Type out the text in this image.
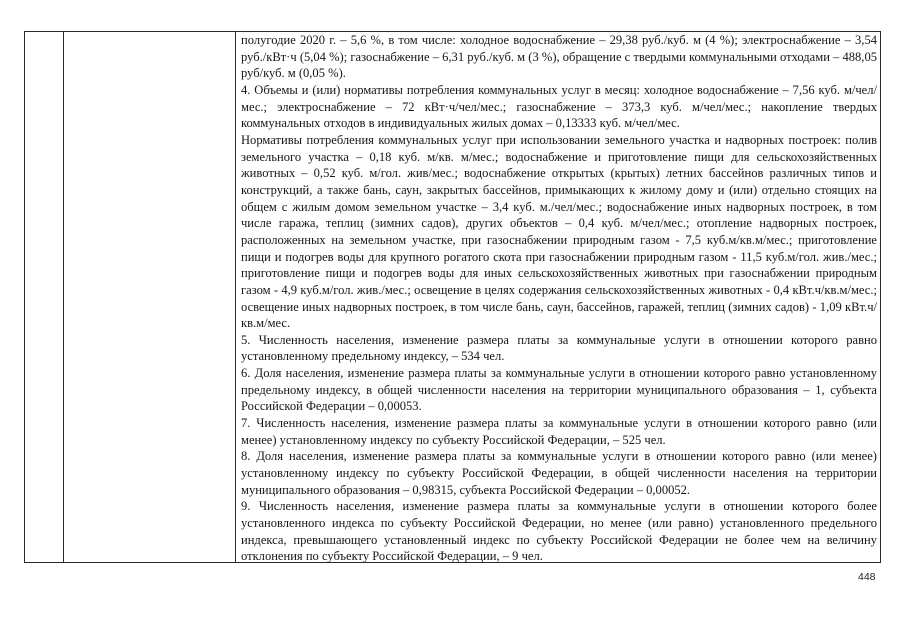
полугодие 2020 г. – 5,6 %, в том числе: холодное водоснабжение – 29,38 руб./куб. м (4 %); электроснабжение – 3,54 руб./кВт·ч (5,04 %); газоснабжение – 6,31 руб./куб. м (3 %), обращение с твердыми коммунальными отходами – 488,05 руб/куб. м (0,05 %).

4. Объемы и (или) нормативы потребления коммунальных услуг в месяц: холодное водоснабжение – 7,56 куб. м/чел/мес.; электроснабжение – 72 кВт·ч/чел/мес.; газоснабжение – 373,3 куб. м/чел/мес.; накопление твердых коммунальных отходов в индивидуальных жилых домах – 0,13333 куб. м/чел/мес.

Нормативы потребления коммунальных услуг при использовании земельного участка и надворных построек: полив земельного участка – 0,18 куб. м/кв. м/мес.; водоснабжение и приготовление пищи для сельскохозяйственных животных – 0,52 куб. м/гол. жив/мес.; водоснабжение открытых (крытых) летних бассейнов различных типов и конструкций, а также бань, саун, закрытых бассейнов, примыкающих к жилому дому и (или) отдельно стоящих на общем с жилым домом земельном участке – 3,4 куб. м./чел/мес.; водоснабжение иных надворных построек, в том числе гаража, теплиц (зимних садов), других объектов – 0,4 куб. м/чел/мес.; отопление надворных построек, расположенных на земельном участке, при газоснабжении природным газом - 7,5 куб.м/кв.м/мес.; приготовление пищи и подогрев воды для крупного рогатого скота при газоснабжении природным газом - 11,5 куб.м/гол. жив./мес.; приготовление пищи и подогрев воды для иных сельскохозяйственных животных при газоснабжении природным газом - 4,9 куб.м/гол. жив./мес.; освещение в целях содержания сельскохозяйственных животных - 0,4 кВт.ч/кв.м/мес.; освещение иных надворных построек, в том числе бань, саун, бассейнов, гаражей, теплиц (зимних садов) - 1,09 кВт.ч/кв.м/мес.

5. Численность населения, изменение размера платы за коммунальные услуги в отношении которого равно установленному предельному индексу, – 534 чел.

6. Доля населения, изменение размера платы за коммунальные услуги в отношении которого равно установленному предельному индексу, в общей численности населения на территории муниципального образования – 1, субъекта Российской Федерации – 0,00053.

7. Численность населения, изменение размера платы за коммунальные услуги в отношении которого равно (или менее) установленному индексу по субъекту Российской Федерации, – 525 чел.

8. Доля населения, изменение размера платы за коммунальные услуги в отношении которого равно (или менее) установленному индексу по субъекту Российской Федерации, в общей численности населения на территории муниципального образования – 0,98315, субъекта Российской Федерации – 0,00052.

9. Численность населения, изменение размера платы за коммунальные услуги в отношении которого более установленного индекса по субъекту Российской Федерации, но менее (или равно) установленного предельного индекса, превышающего установленный индекс по субъекту Российской Федерации не более чем на величину отклонения по субъекту Российской Федерации, – 9 чел.

448
